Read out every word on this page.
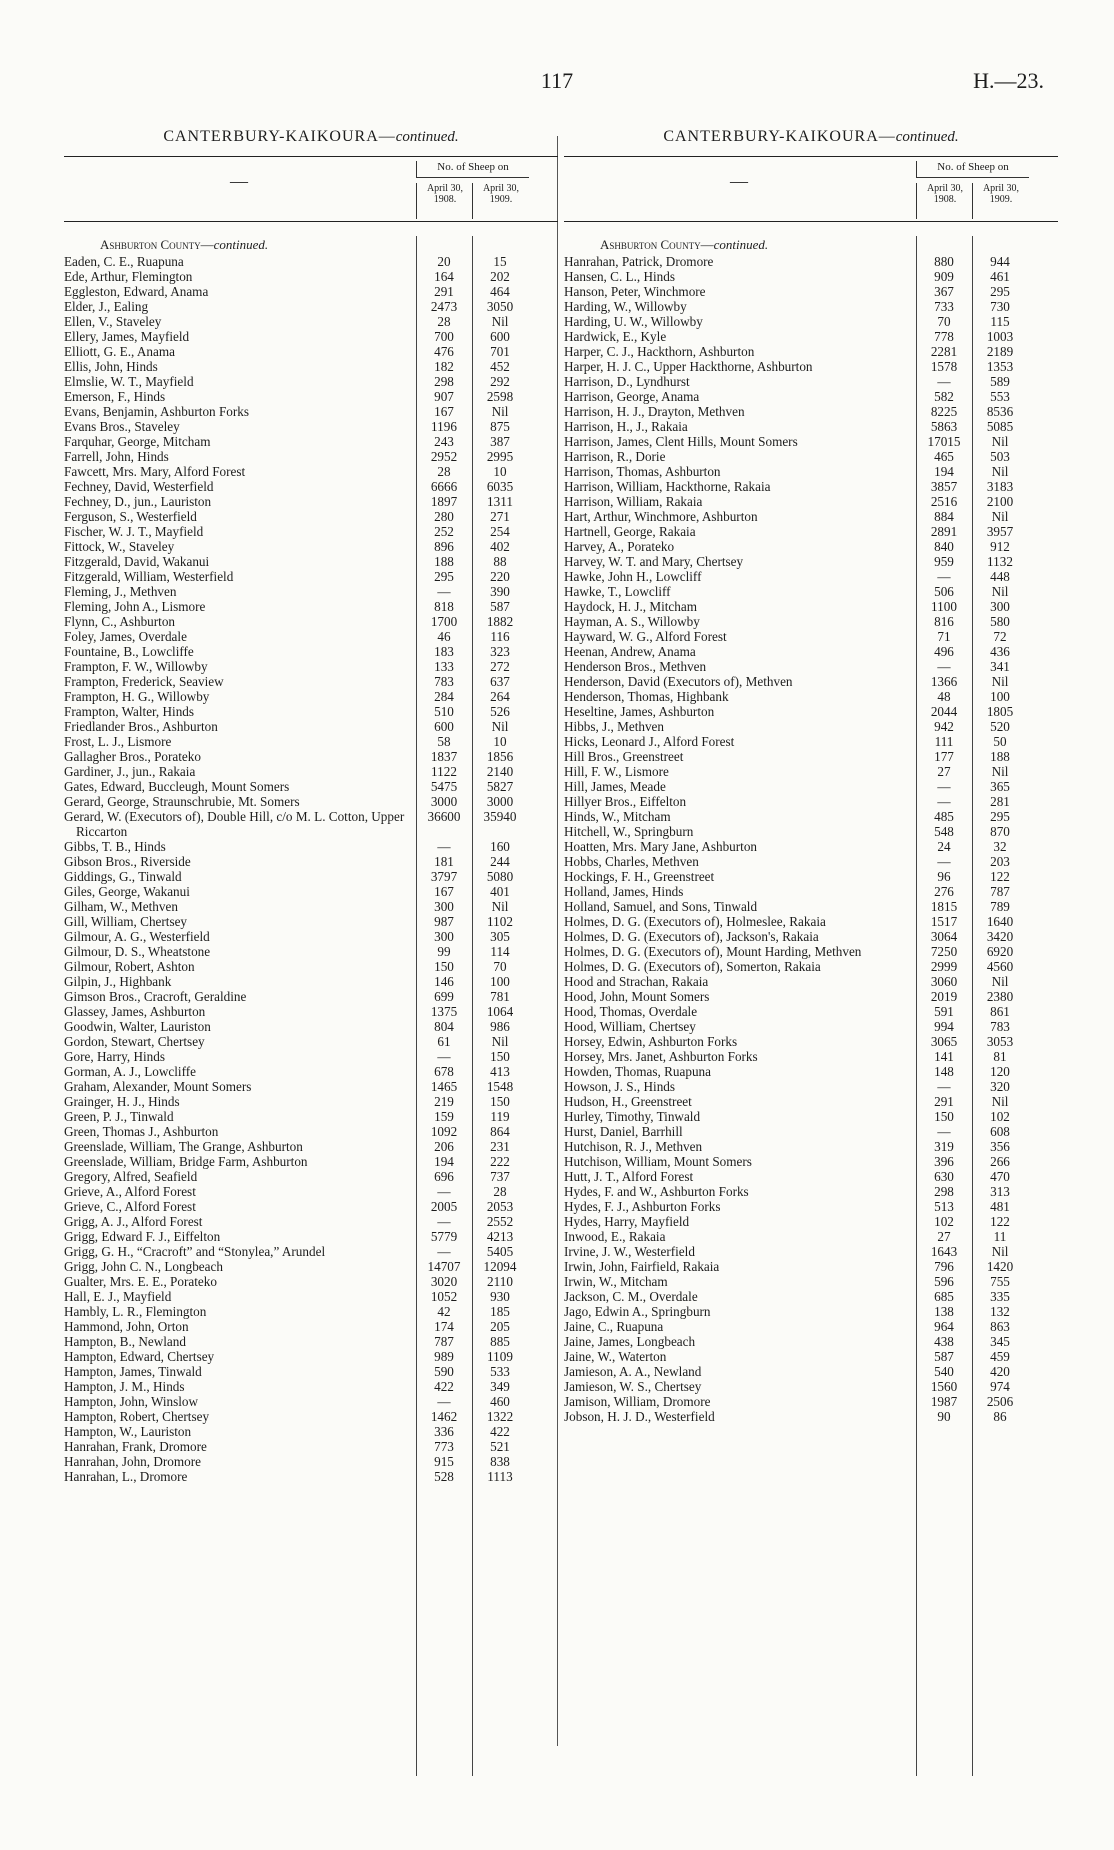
117	H.—23.
CANTERBURY-KAIKOURA—continued.
—
No. of Sheep on
April 30, 1908.
April 30, 1909.
Ashburton County—continued.
Eaden, C. E., Ruapuna	20	15
Ede, Arthur, Flemington	164	202
Eggleston, Edward, Anama	291	464
Elder, J., Ealing	2473	3050
Ellen, V., Staveley	28	Nil
Ellery, James, Mayfield	700	600
Elliott, G. E., Anama	476	701
Ellis, John, Hinds	182	452
Elmslie, W. T., Mayfield	298	292
Emerson, F., Hinds	907	2598
Evans, Benjamin, Ashburton Forks	167	Nil
Evans Bros., Staveley	1196	875
Farquhar, George, Mitcham	243	387
Farrell, John, Hinds	2952	2995
Fawcett, Mrs. Mary, Alford Forest	28	10
Fechney, David, Westerfield	6666	6035
Fechney, D., jun., Lauriston	1897	1311
Ferguson, S., Westerfield	280	271
Fischer, W. J. T., Mayfield	252	254
Fittock, W., Staveley	896	402
Fitzgerald, David, Wakanui	188	88
Fitzgerald, William, Westerfield	295	220
Fleming, J., Methven	—	390
Fleming, John A., Lismore	818	587
Flynn, C., Ashburton	1700	1882
Foley, James, Overdale	46	116
Fountaine, B., Lowcliffe	183	323
Frampton, F. W., Willowby	133	272
Frampton, Frederick, Seaview	783	637
Frampton, H. G., Willowby	284	264
Frampton, Walter, Hinds	510	526
Friedlander Bros., Ashburton	600	Nil
Frost, L. J., Lismore	58	10
Gallagher Bros., Porateko	1837	1856
Gardiner, J., jun., Rakaia	1122	2140
Gates, Edward, Buccleugh, Mount Somers	5475	5827
Gerard, George, Straunschrubie, Mt. Somers	3000	3000
Gerard, W. (Executors of), Double Hill, c/o M. L. Cotton, Upper Riccarton
36600	35940
Gibbs, T. B., Hinds	—	160
Gibson Bros., Riverside	181	244
Giddings, G., Tinwald	3797	5080
Giles, George, Wakanui	167	401
Gilham, W., Methven	300	Nil
Gill, William, Chertsey	987	1102
Gilmour, A. G., Westerfield	300	305
Gilmour, D. S., Wheatstone	99	114
Gilmour, Robert, Ashton	150	70
Gilpin, J., Highbank	146	100
Gimson Bros., Cracroft, Geraldine	699	781
Glassey, James, Ashburton	1375	1064
Goodwin, Walter, Lauriston	804	986
Gordon, Stewart, Chertsey	61	Nil
Gore, Harry, Hinds	—	150
Gorman, A. J., Lowcliffe	678	413
Graham, Alexander, Mount Somers	1465	1548
Grainger, H. J., Hinds	219	150
Green, P. J., Tinwald	159	119
Green, Thomas J., Ashburton	1092	864
Greenslade, William, The Grange, Ashburton	206	231
Greenslade, William, Bridge Farm, Ashburton	194	222
Gregory, Alfred, Seafield	696	737
Grieve, A., Alford Forest	—	28
Grieve, C., Alford Forest	2005	2053
Grigg, A. J., Alford Forest	—	2552
Grigg, Edward F. J., Eiffelton	5779	4213
Grigg, G. H., “Cracroft” and “Stonylea,” Arundel	—	5405
Grigg, John C. N., Longbeach	14707	12094
Gualter, Mrs. E. E., Porateko	3020	2110
Hall, E. J., Mayfield	1052	930
Hambly, L. R., Flemington	42	185
Hammond, John, Orton	174	205
Hampton, B., Newland	787	885
Hampton, Edward, Chertsey	989	1109
Hampton, James, Tinwald	590	533
Hampton, J. M., Hinds	422	349
Hampton, John, Winslow	—	460
Hampton, Robert, Chertsey	1462	1322
Hampton, W., Lauriston	336	422
Hanrahan, Frank, Dromore	773	521
Hanrahan, John, Dromore	915	838
Hanrahan, L., Dromore	528	1113
CANTERBURY-KAIKOURA—continued.
—
No. of Sheep on
April 30, 1908.
April 30, 1909.
Ashburton County—continued.
Hanrahan, Patrick, Dromore	880	944
Hansen, C. L., Hinds	909	461
Hanson, Peter, Winchmore	367	295
Harding, W., Willowby	733	730
Harding, U. W., Willowby	70	115
Hardwick, E., Kyle	778	1003
Harper, C. J., Hackthorn, Ashburton	2281	2189
Harper, H. J. C., Upper Hackthorne, Ashburton	1578	1353
Harrison, D., Lyndhurst	—	589
Harrison, George, Anama	582	553
Harrison, H. J., Drayton, Methven	8225	8536
Harrison, H., J., Rakaia	5863	5085
Harrison, James, Clent Hills, Mount Somers	17015	Nil
Harrison, R., Dorie	465	503
Harrison, Thomas, Ashburton	194	Nil
Harrison, William, Hackthorne, Rakaia	3857	3183
Harrison, William, Rakaia	2516	2100
Hart, Arthur, Winchmore, Ashburton	884	Nil
Hartnell, George, Rakaia	2891	3957
Harvey, A., Porateko	840	912
Harvey, W. T. and Mary, Chertsey	959	1132
Hawke, John H., Lowcliff	—	448
Hawke, T., Lowcliff	506	Nil
Haydock, H. J., Mitcham	1100	300
Hayman, A. S., Willowby	816	580
Hayward, W. G., Alford Forest	71	72
Heenan, Andrew, Anama	496	436
Henderson Bros., Methven	—	341
Henderson, David (Executors of), Methven	1366	Nil
Henderson, Thomas, Highbank	48	100
Heseltine, James, Ashburton	2044	1805
Hibbs, J., Methven	942	520
Hicks, Leonard J., Alford Forest	111	50
Hill Bros., Greenstreet	177	188
Hill, F. W., Lismore	27	Nil
Hill, James, Meade	—	365
Hillyer Bros., Eiffelton	—	281
Hinds, W., Mitcham	485	295
Hitchell, W., Springburn	548	870
Hoatten, Mrs. Mary Jane, Ashburton	24	32
Hobbs, Charles, Methven	—	203
Hockings, F. H., Greenstreet	96	122
Holland, James, Hinds	276	787
Holland, Samuel, and Sons, Tinwald	1815	789
Holmes, D. G. (Executors of), Holmeslee, Rakaia	1517	1640
Holmes, D. G. (Executors of), Jackson's, Rakaia	3064	3420
Holmes, D. G. (Executors of), Mount Harding, Methven	7250	6920
Holmes, D. G. (Executors of), Somerton, Rakaia	2999	4560
Hood and Strachan, Rakaia	3060	Nil
Hood, John, Mount Somers	2019	2380
Hood, Thomas, Overdale	591	861
Hood, William, Chertsey	994	783
Horsey, Edwin, Ashburton Forks	3065	3053
Horsey, Mrs. Janet, Ashburton Forks	141	81
Howden, Thomas, Ruapuna	148	120
Howson, J. S., Hinds	—	320
Hudson, H., Greenstreet	291	Nil
Hurley, Timothy, Tinwald	150	102
Hurst, Daniel, Barrhill	—	608
Hutchison, R. J., Methven	319	356
Hutchison, William, Mount Somers	396	266
Hutt, J. T., Alford Forest	630	470
Hydes, F. and W., Ashburton Forks	298	313
Hydes, F. J., Ashburton Forks	513	481
Hydes, Harry, Mayfield	102	122
Inwood, E., Rakaia	27	11
Irvine, J. W., Westerfield	1643	Nil
Irwin, John, Fairfield, Rakaia	796	1420
Irwin, W., Mitcham	596	755
Jackson, C. M., Overdale	685	335
Jago, Edwin A., Springburn	138	132
Jaine, C., Ruapuna	964	863
Jaine, James, Longbeach	438	345
Jaine, W., Waterton	587	459
Jamieson, A. A., Newland	540	420
Jamieson, W. S., Chertsey	1560	974
Jamison, William, Dromore	1987	2506
Jobson, H. J. D., Westerfield	90	86
